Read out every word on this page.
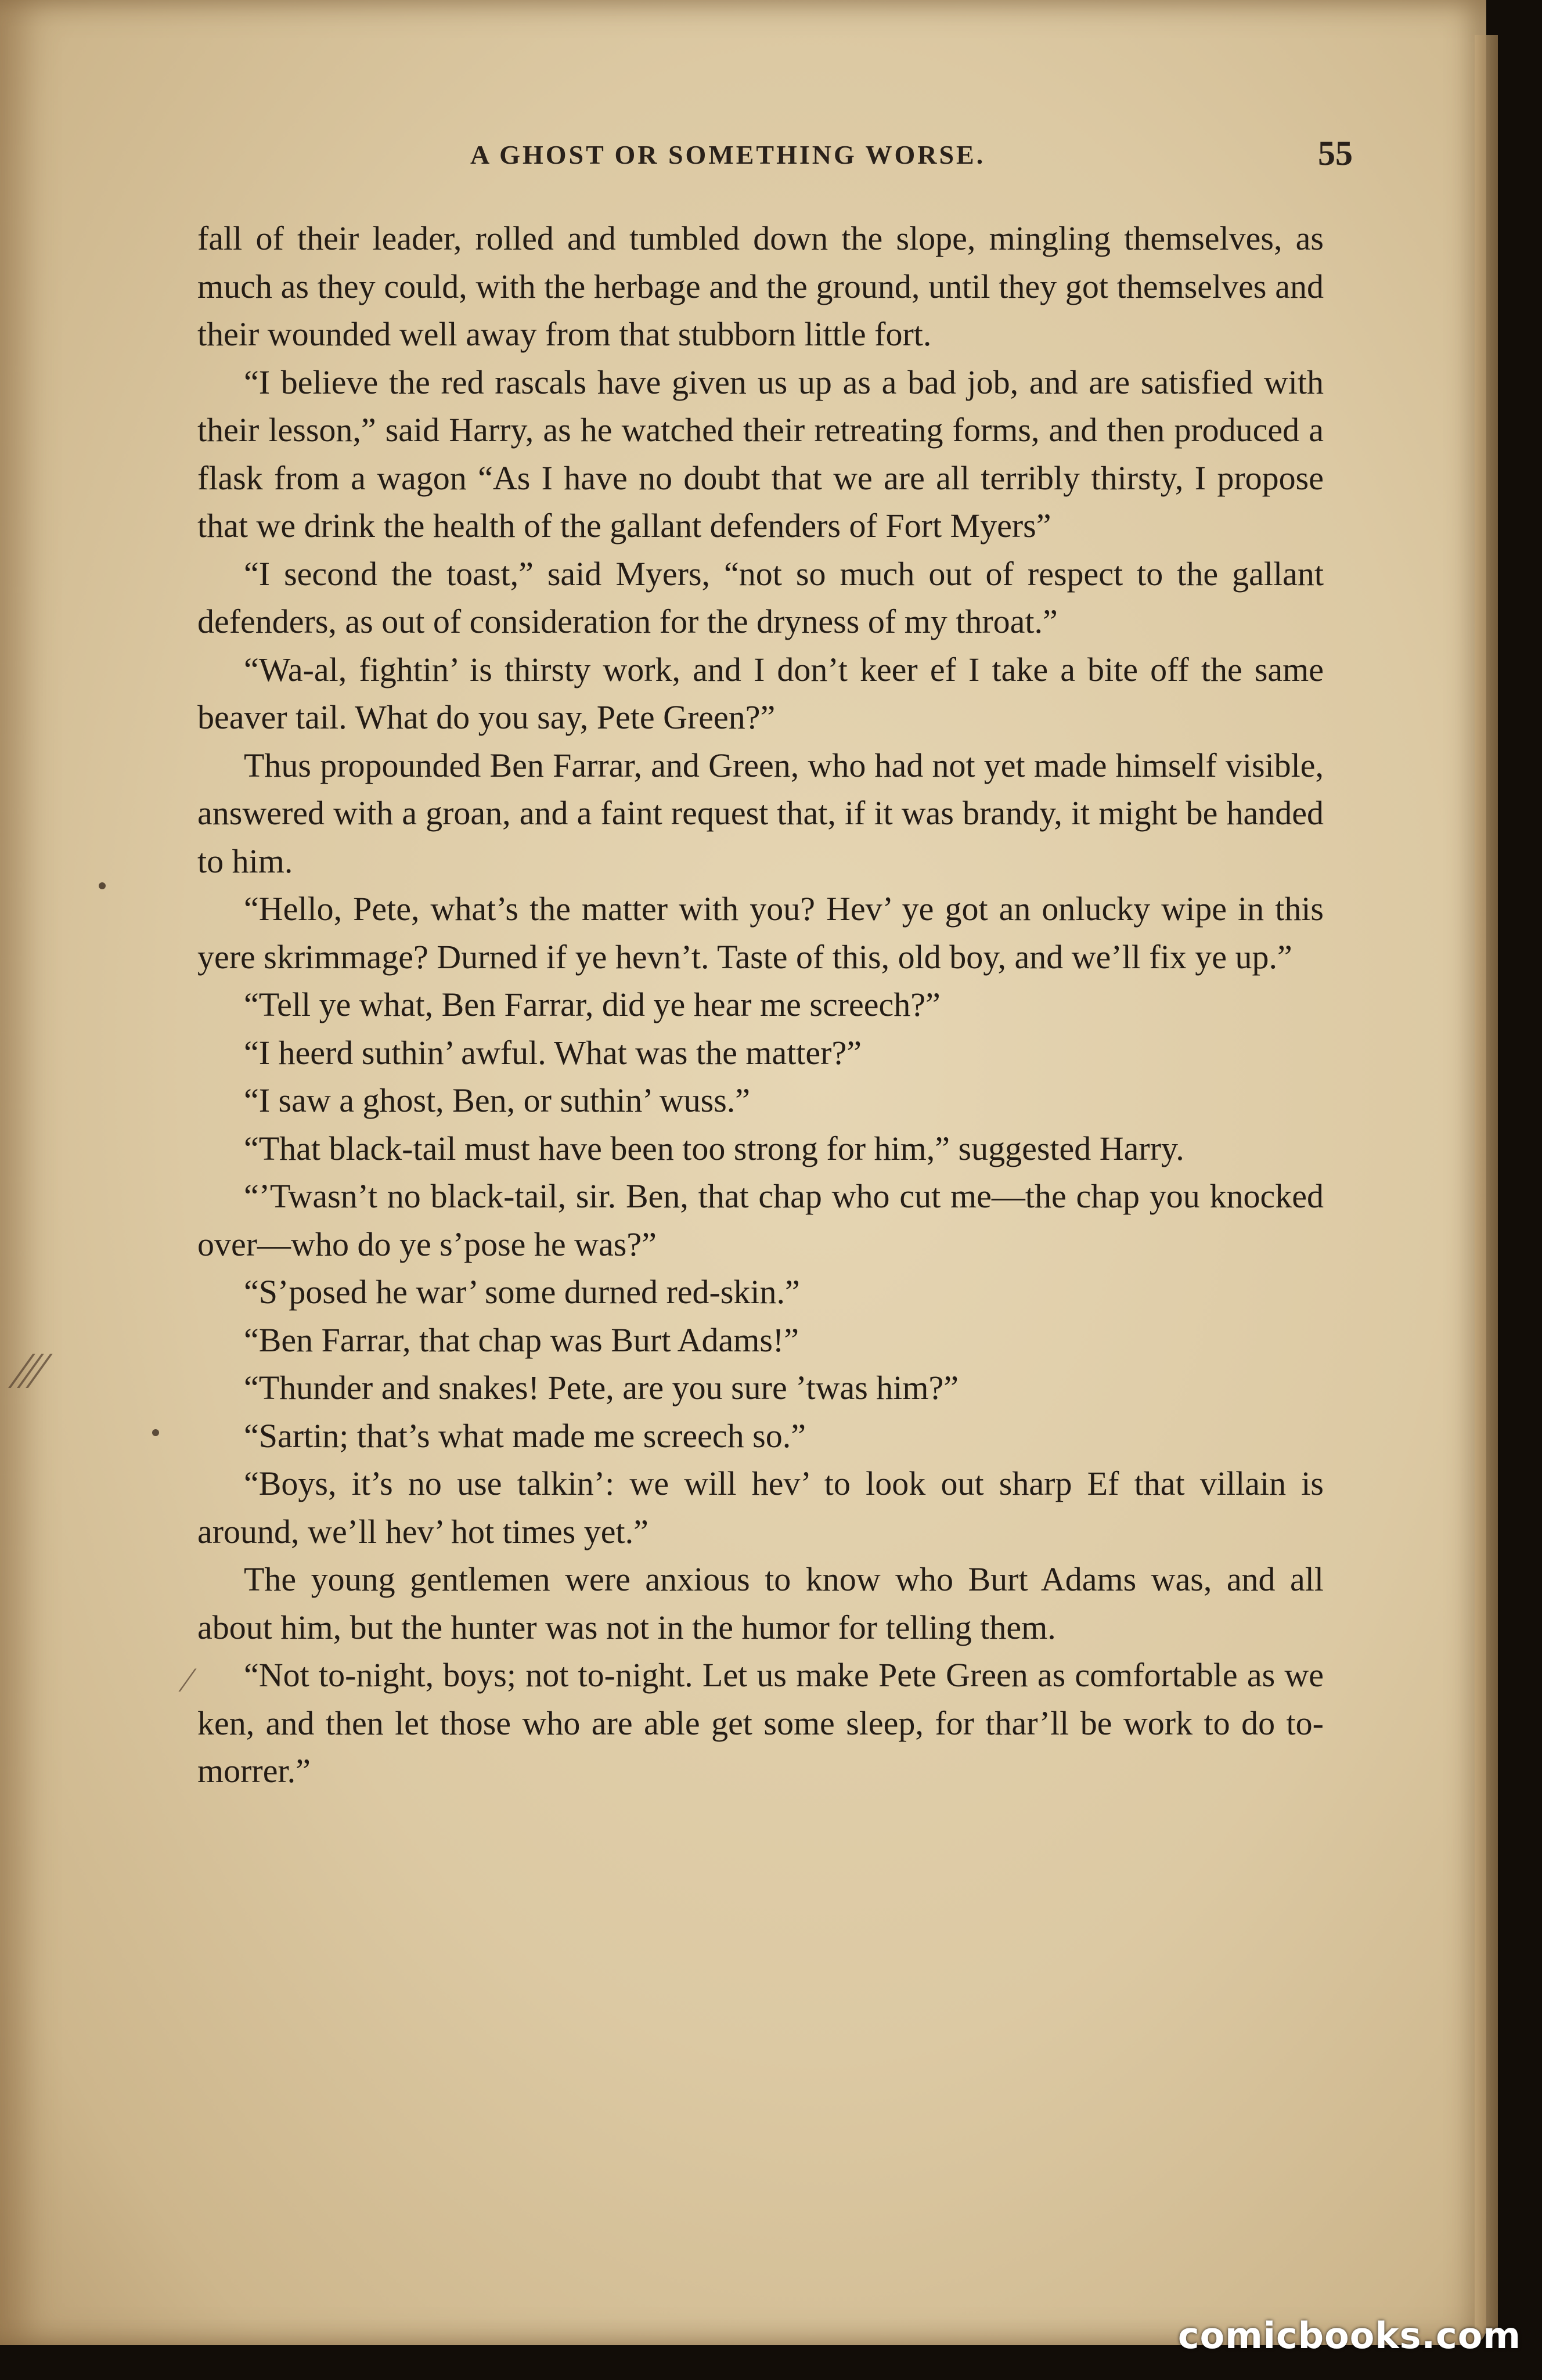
A GHOST OR SOMETHING WORSE.	55

fall of their leader, rolled and tumbled down the slope, mingling themselves, as much as they could, with the herbage and the ground, until they got themselves and their wounded well away from that stubborn little fort.

“I believe the red rascals have given us up as a bad job, and are satisfied with their lesson,” said Harry, as he watched their retreating forms, and then produced a flask from a wagon “As I have no doubt that we are all terribly thirsty, I propose that we drink the health of the gallant defenders of Fort Myers”

“I second the toast,” said Myers, “not so much out of respect to the gallant defenders, as out of consideration for the dryness of my throat.”

“Wa-al, fightin’ is thirsty work, and I don’t keer ef I take a bite off the same beaver tail. What do you say, Pete Green?”

Thus propounded Ben Farrar, and Green, who had not yet made himself visible, answered with a groan, and a faint request that, if it was brandy, it might be handed to him.

“Hello, Pete, what’s the matter with you? Hev’ ye got an onlucky wipe in this yere skrimmage? Durned if ye hevn’t. Taste of this, old boy, and we’ll fix ye up.”

“Tell ye what, Ben Farrar, did ye hear me screech?”

“I heerd suthin’ awful. What was the matter?”

“I saw a ghost, Ben, or suthin’ wuss.”

“That black-tail must have been too strong for him,” suggested Harry.

“’Twasn’t no black-tail, sir. Ben, that chap who cut me—the chap you knocked over—who do ye s’pose he was?”

“S’posed he war’ some durned red-skin.”

“Ben Farrar, that chap was Burt Adams!”

“Thunder and snakes! Pete, are you sure ’twas him?”

“Sartin; that’s what made me screech so.”

“Boys, it’s no use talkin’: we will hev’ to look out sharp Ef that villain is around, we’ll hev’ hot times yet.”

The young gentlemen were anxious to know who Burt Adams was, and all about him, but the hunter was not in the humor for telling them.

“Not to-night, boys; not to-night. Let us make Pete Green as comfortable as we ken, and then let those who are able get some sleep, for thar’ll be work to do to-morrer.”

⁄⁄⁄
⁄
comicbooks.com
